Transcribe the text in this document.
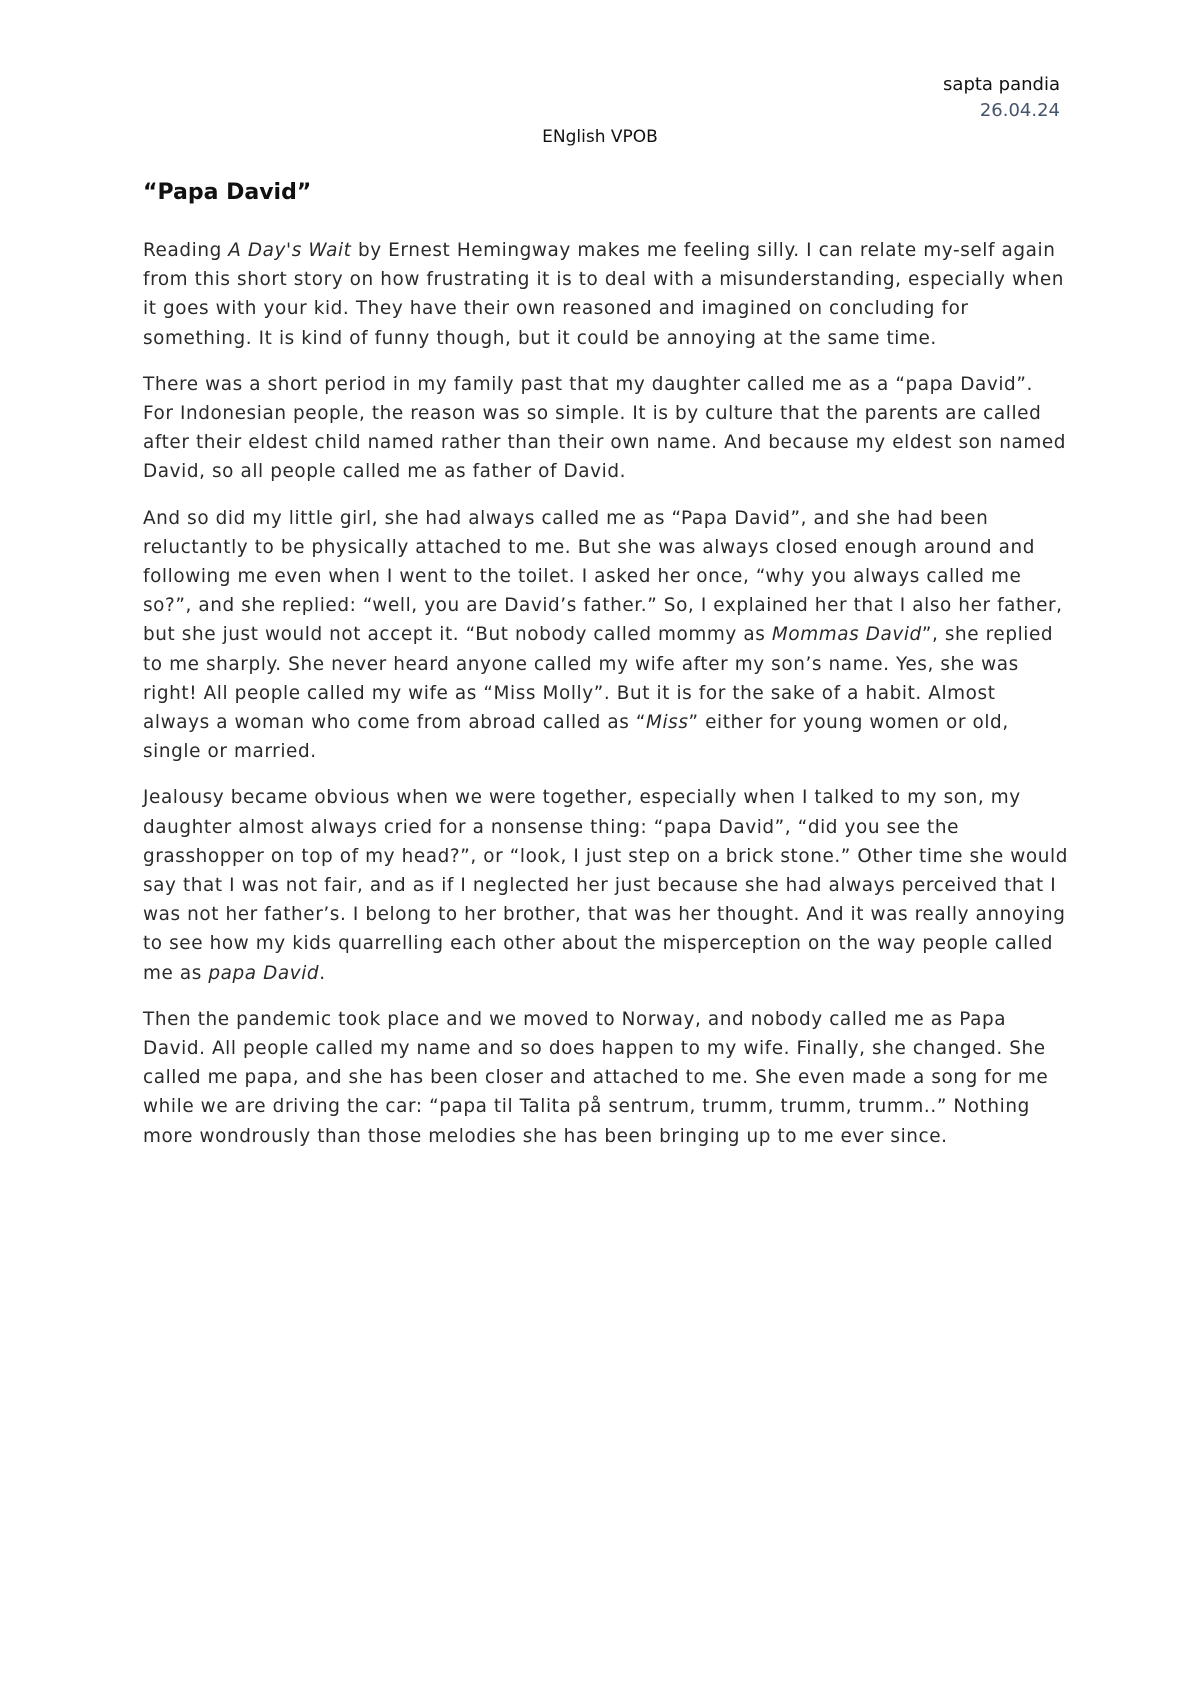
sapta pandia
26.04.24
ENglish VPOB
“Papa David”

Reading A Day's Wait by Ernest Hemingway makes me feeling silly. I can relate my-self again from this short story on how frustrating it is to deal with a misunderstanding, especially when it goes with your kid. They have their own reasoned and imagined on concluding for something. It is kind of funny though, but it could be annoying at the same time.

There was a short period in my family past that my daughter called me as a “papa David”. For Indonesian people, the reason was so simple. It is by culture that the parents are called after their eldest child named rather than their own name. And because my eldest son named David, so all people called me as father of David.

And so did my little girl, she had always called me as “Papa David”, and she had been reluctantly to be physically attached to me. But she was always closed enough around and following me even when I went to the toilet. I asked her once, “why you always called me so?”, and she replied: “well, you are David’s father.” So, I explained her that I also her father, but she just would not accept it. “But nobody called mommy as Mommas David”, she replied to me sharply. She never heard anyone called my wife after my son’s name. Yes, she was right! All people called my wife as “Miss Molly”. But it is for the sake of a habit. Almost always a woman who come from abroad called as “Miss” either for young women or old, single or married.

Jealousy became obvious when we were together, especially when I talked to my son, my daughter almost always cried for a nonsense thing: “papa David”, “did you see the grasshopper on top of my head?”, or “look, I just step on a brick stone.” Other time she would say that I was not fair, and as if I neglected her just because she had always perceived that I was not her father’s. I belong to her brother, that was her thought. And it was really annoying to see how my kids quarrelling each other about the misperception on the way people called me as papa David.

Then the pandemic took place and we moved to Norway, and nobody called me as Papa David. All people called my name and so does happen to my wife. Finally, she changed. She called me papa, and she has been closer and attached to me. She even made a song for me while we are driving the car: “papa til Talita på sentrum, trumm, trumm, trumm..” Nothing more wondrously than those melodies she has been bringing up to me ever since.
